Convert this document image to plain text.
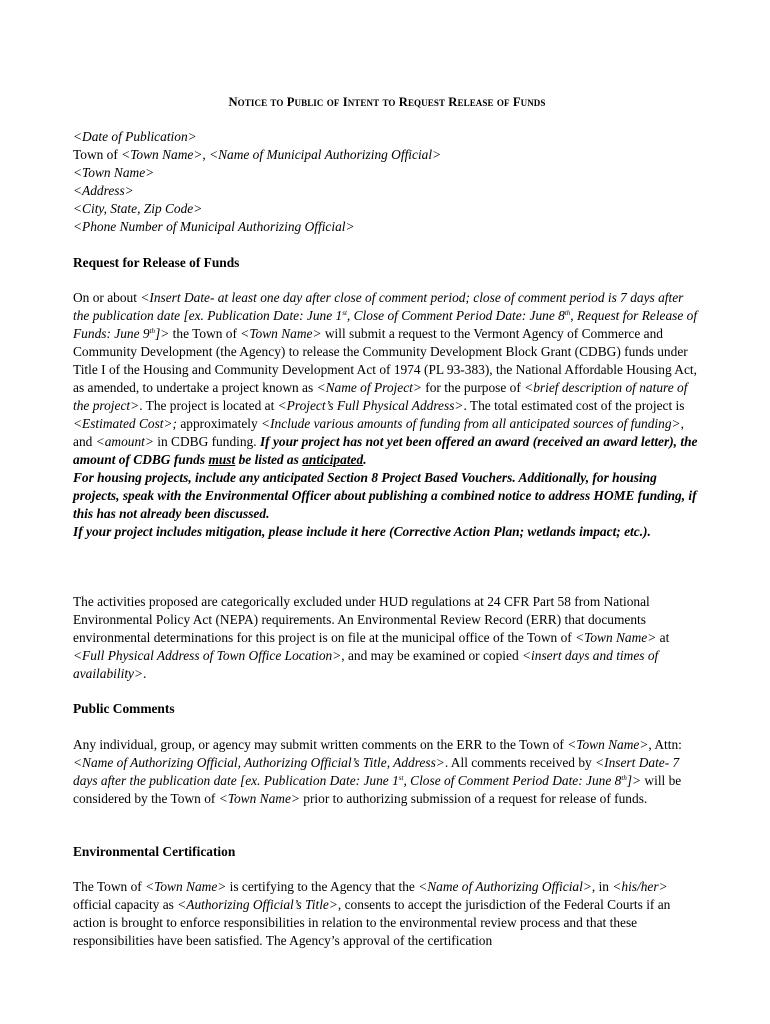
Notice to Public of Intent to Request Release of Funds
<Date of Publication>
Town of <Town Name>, <Name of Municipal Authorizing Official>
<Town Name>
<Address>
<City, State, Zip Code>
<Phone Number of Municipal Authorizing Official>

Request for Release of Funds

On or about <Insert Date- at least one day after close of comment period; close of comment period is 7 days after the publication date [ex. Publication Date: June 1st, Close of Comment Period Date: June 8th, Request for Release of Funds: June 9th]> the Town of <Town Name> will submit a request to the Vermont Agency of Commerce and Community Development (the Agency) to release the Community Development Block Grant (CDBG) funds under Title I of the Housing and Community Development Act of 1974 (PL 93-383), the National Affordable Housing Act, as amended, to undertake a project known as <Name of Project> for the purpose of <brief description of nature of the project>. The project is located at <Project’s Full Physical Address>. The total estimated cost of the project is <Estimated Cost>; approximately <Include various amounts of funding from all anticipated sources of funding>, and <amount> in CDBG funding. If your project has not yet been offered an award (received an award letter), the amount of CDBG funds must be listed as anticipated.
For housing projects, include any anticipated Section 8 Project Based Vouchers. Additionally, for housing projects, speak with the Environmental Officer about publishing a combined notice to address HOME funding, if this has not already been discussed.
If your project includes mitigation, please include it here (Corrective Action Plan; wetlands impact; etc.).
The activities proposed are categorically excluded under HUD regulations at 24 CFR Part 58 from National Environmental Policy Act (NEPA) requirements. An Environmental Review Record (ERR) that documents environmental determinations for this project is on file at the municipal office of the Town of <Town Name> at <Full Physical Address of Town Office Location>, and may be examined or copied <insert days and times of availability>.

Public Comments

Any individual, group, or agency may submit written comments on the ERR to the Town of <Town Name>, Attn: <Name of Authorizing Official, Authorizing Official’s Title, Address>. All comments received by <Insert Date- 7 days after the publication date [ex. Publication Date: June 1st, Close of Comment Period Date: June 8th]> will be considered by the Town of <Town Name> prior to authorizing submission of a request for release of funds.

Environmental Certification

The Town of <Town Name> is certifying to the Agency that the <Name of Authorizing Official>, in <his/her> official capacity as <Authorizing Official’s Title>, consents to accept the jurisdiction of the Federal Courts if an action is brought to enforce responsibilities in relation to the environmental review process and that these responsibilities have been satisfied. The Agency’s approval of the certification
